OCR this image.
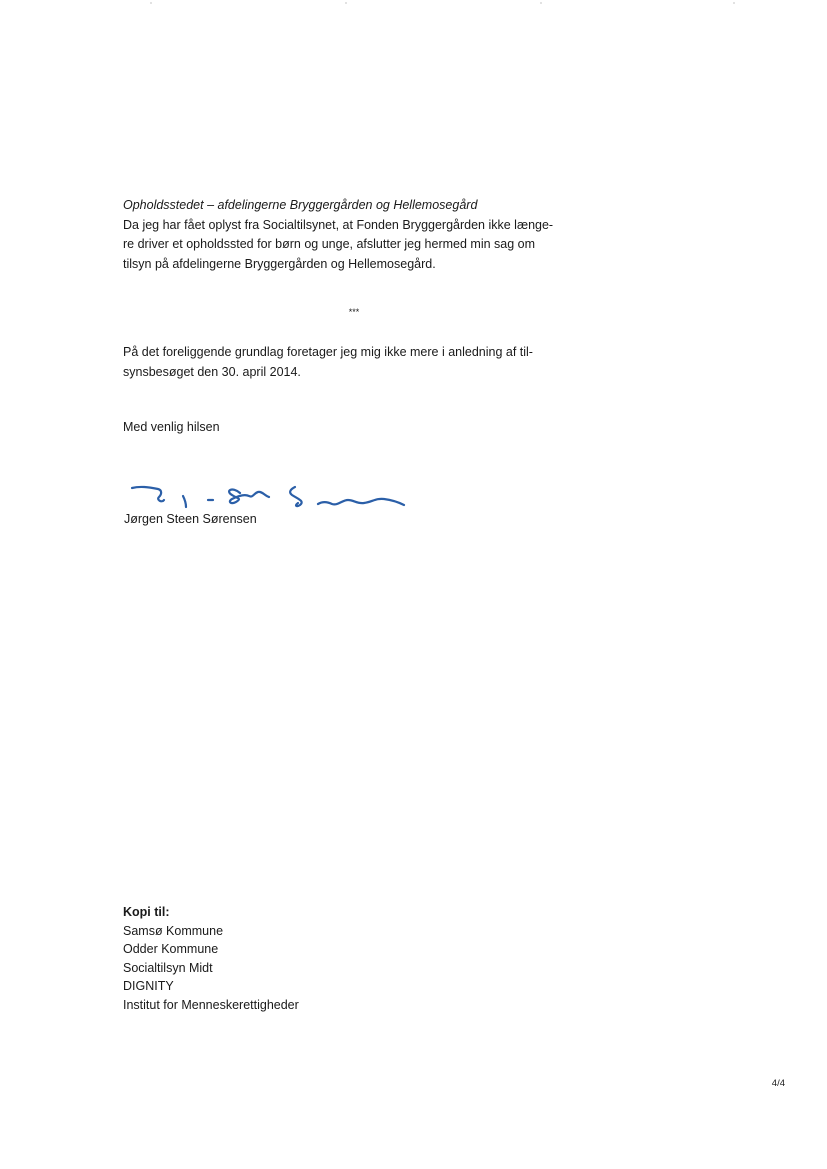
Opholdsstedet – afdelingerne Bryggergården og Hellemosegård
Da jeg har fået oplyst fra Socialtilsynet, at Fonden Bryggergården ikke længe-
re driver et opholdssted for børn og unge, afslutter jeg hermed min sag om
tilsyn på afdelingerne Bryggergården og Hellemosegård.
***
På det foreliggende grundlag foretager jeg mig ikke mere i anledning af til-
synsbesøget den 30. april 2014.
Med venlig hilsen
Jørgen Steen Sørensen
Kopi til:
Samsø Kommune
Odder Kommune
Socialtilsyn Midt
DIGNITY
Institut for Menneskerettigheder
4/4
